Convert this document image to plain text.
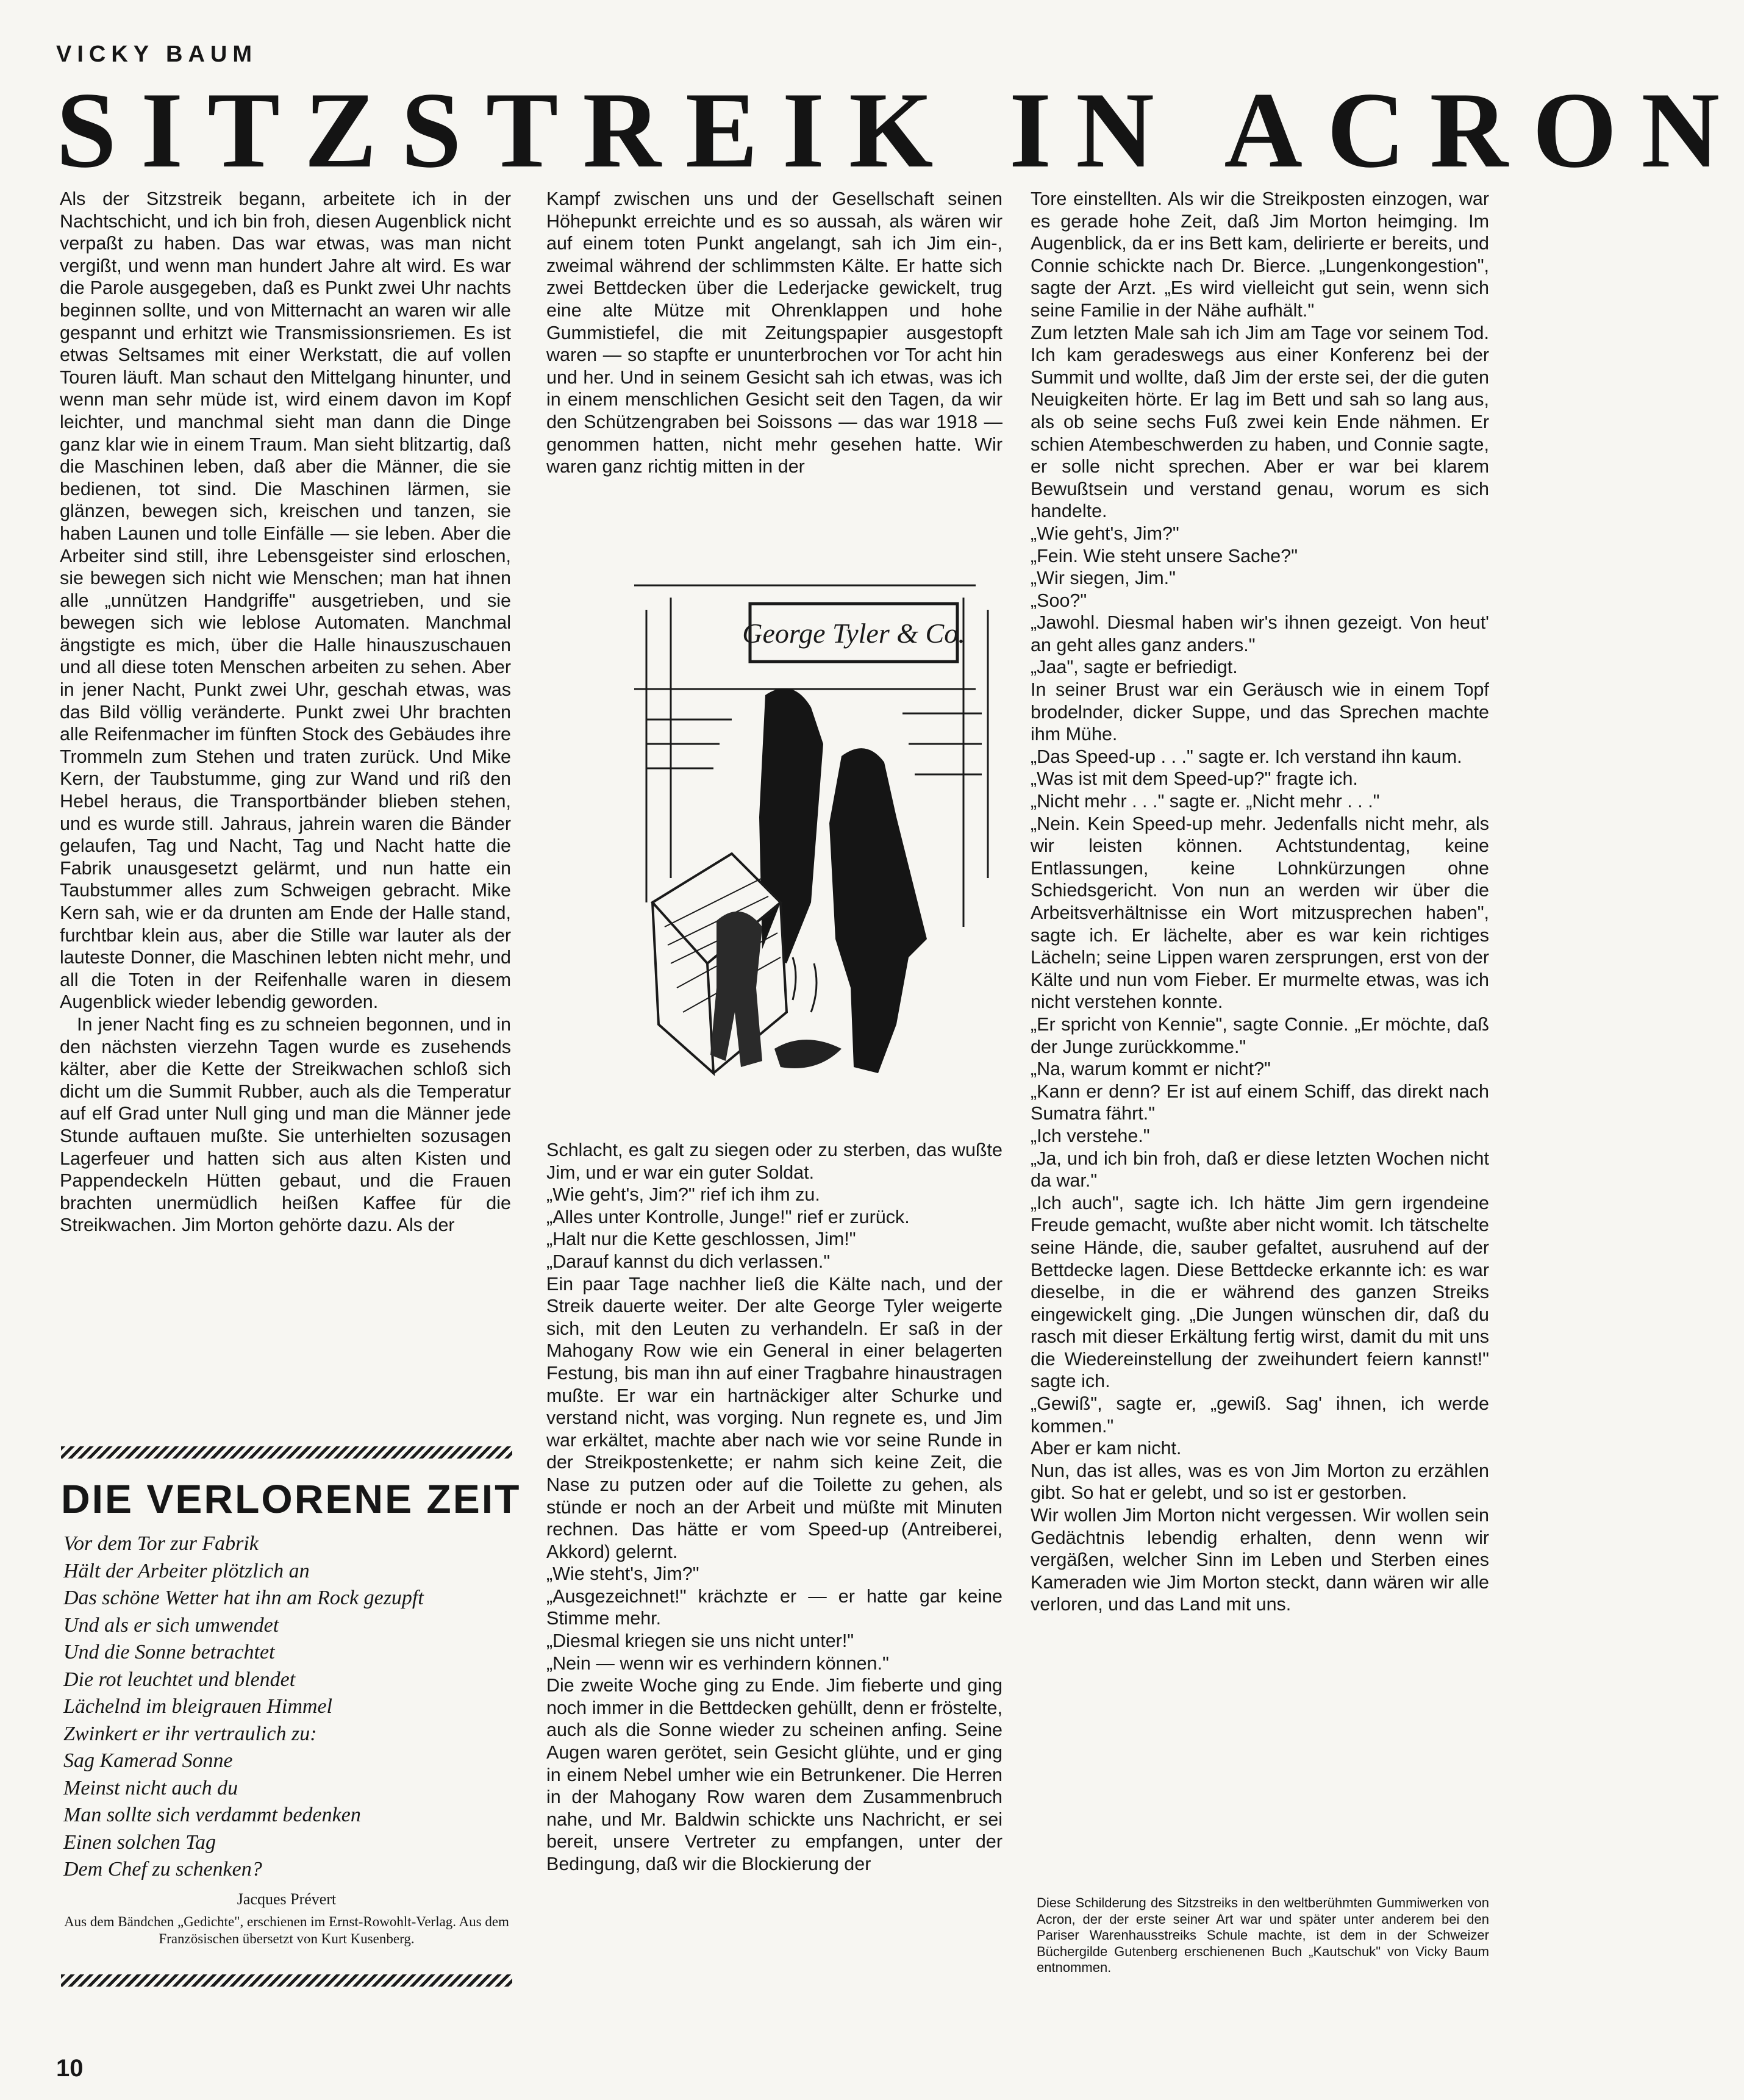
VICKY BAUM
SITZSTREIK IN ACRON

Als der Sitzstreik begann, arbeitete ich in der Nachtschicht, und ich bin froh, diesen Augenblick nicht verpaßt zu haben. Das war etwas, was man nicht vergißt, und wenn man hundert Jahre alt wird. Es war die Parole ausgegeben, daß es Punkt zwei Uhr nachts beginnen sollte, und von Mitternacht an waren wir alle gespannt und erhitzt wie Transmissionsriemen. Es ist etwas Seltsames mit einer Werkstatt, die auf vollen Touren läuft. Man schaut den Mittelgang hinunter, und wenn man sehr müde ist, wird einem davon im Kopf leichter, und manchmal sieht man dann die Dinge ganz klar wie in einem Traum. Man sieht blitzartig, daß die Maschinen leben, daß aber die Männer, die sie bedienen, tot sind. Die Maschinen lärmen, sie glänzen, bewegen sich, kreischen und tanzen, sie haben Launen und tolle Einfälle — sie leben. Aber die Arbeiter sind still, ihre Lebensgeister sind erloschen, sie bewegen sich nicht wie Menschen; man hat ihnen alle „unnützen Handgriffe" ausgetrieben, und sie bewegen sich wie leblose Automaten. Manchmal ängstigte es mich, über die Halle hinauszuschauen und all diese toten Menschen arbeiten zu sehen. Aber in jener Nacht, Punkt zwei Uhr, geschah etwas, was das Bild völlig veränderte. Punkt zwei Uhr brachten alle Reifenmacher im fünften Stock des Gebäudes ihre Trommeln zum Stehen und traten zurück. Und Mike Kern, der Taubstumme, ging zur Wand und riß den Hebel heraus, die Transportbänder blieben stehen, und es wurde still. Jahraus, jahrein waren die Bänder gelaufen, Tag und Nacht, Tag und Nacht hatte die Fabrik unausgesetzt gelärmt, und nun hatte ein Taubstummer alles zum Schweigen gebracht. Mike Kern sah, wie er da drunten am Ende der Halle stand, furchtbar klein aus, aber die Stille war lauter als der lauteste Donner, die Maschinen lebten nicht mehr, und all die Toten in der Reifenhalle waren in diesem Augenblick wieder lebendig geworden.

In jener Nacht fing es zu schneien begonnen, und in den nächsten vierzehn Tagen wurde es zusehends kälter, aber die Kette der Streikwachen schloß sich dicht um die Summit Rubber, auch als die Temperatur auf elf Grad unter Null ging und man die Männer jede Stunde auftauen mußte. Sie unterhielten sozusagen Lagerfeuer und hatten sich aus alten Kisten und Pappendeckeln Hütten gebaut, und die Frauen brachten unermüdlich heißen Kaffee für die Streikwachen. Jim Morton gehörte dazu. Als der

Kampf zwischen uns und der Gesellschaft seinen Höhepunkt erreichte und es so aussah, als wären wir auf einem toten Punkt angelangt, sah ich Jim ein-, zweimal während der schlimmsten Kälte. Er hatte sich zwei Bettdecken über die Lederjacke gewickelt, trug eine alte Mütze mit Ohrenklappen und hohe Gummistiefel, die mit Zeitungspapier ausgestopft waren — so stapfte er ununterbrochen vor Tor acht hin und her. Und in seinem Gesicht sah ich etwas, was ich in einem menschlichen Gesicht seit den Tagen, da wir den Schützengraben bei Soissons — das war 1918 — genommen hatten, nicht mehr gesehen hatte. Wir waren ganz richtig mitten in der

George Tyler & Co.

Schlacht, es galt zu siegen oder zu sterben, das wußte Jim, und er war ein guter Soldat.

„Wie geht's, Jim?" rief ich ihm zu.

„Alles unter Kontrolle, Junge!" rief er zurück.

„Halt nur die Kette geschlossen, Jim!"

„Darauf kannst du dich verlassen."

Ein paar Tage nachher ließ die Kälte nach, und der Streik dauerte weiter. Der alte George Tyler weigerte sich, mit den Leuten zu verhandeln. Er saß in der Mahogany Row wie ein General in einer belagerten Festung, bis man ihn auf einer Tragbahre hinaustragen mußte. Er war ein hartnäckiger alter Schurke und verstand nicht, was vorging. Nun regnete es, und Jim war erkältet, machte aber nach wie vor seine Runde in der Streikpostenkette; er nahm sich keine Zeit, die Nase zu putzen oder auf die Toilette zu gehen, als stünde er noch an der Arbeit und müßte mit Minuten rechnen. Das hätte er vom Speed-up (Antreiberei, Akkord) gelernt.

„Wie steht's, Jim?"

„Ausgezeichnet!" krächzte er — er hatte gar keine Stimme mehr.

„Diesmal kriegen sie uns nicht unter!"

„Nein — wenn wir es verhindern können."

Die zweite Woche ging zu Ende. Jim fieberte und ging noch immer in die Bettdecken gehüllt, denn er fröstelte, auch als die Sonne wieder zu scheinen anfing. Seine Augen waren gerötet, sein Gesicht glühte, und er ging in einem Nebel umher wie ein Betrunkener. Die Herren in der Mahogany Row waren dem Zusammenbruch nahe, und Mr. Baldwin schickte uns Nachricht, er sei bereit, unsere Vertreter zu empfangen, unter der Bedingung, daß wir die Blockierung der

Tore einstellten. Als wir die Streikposten einzogen, war es gerade hohe Zeit, daß Jim Morton heimging. Im Augenblick, da er ins Bett kam, delirierte er bereits, und Connie schickte nach Dr. Bierce. „Lungenkongestion", sagte der Arzt. „Es wird vielleicht gut sein, wenn sich seine Familie in der Nähe aufhält."

Zum letzten Male sah ich Jim am Tage vor seinem Tod. Ich kam geradeswegs aus einer Konferenz bei der Summit und wollte, daß Jim der erste sei, der die guten Neuigkeiten hörte. Er lag im Bett und sah so lang aus, als ob seine sechs Fuß zwei kein Ende nähmen. Er schien Atembeschwerden zu haben, und Connie sagte, er solle nicht sprechen. Aber er war bei klarem Bewußtsein und verstand genau, worum es sich handelte.

„Wie geht's, Jim?"

„Fein. Wie steht unsere Sache?"

„Wir siegen, Jim."

„Soo?"

„Jawohl. Diesmal haben wir's ihnen gezeigt. Von heut' an geht alles ganz anders."

„Jaa", sagte er befriedigt.

In seiner Brust war ein Geräusch wie in einem Topf brodelnder, dicker Suppe, und das Sprechen machte ihm Mühe.

„Das Speed-up . . ." sagte er. Ich verstand ihn kaum.

„Was ist mit dem Speed-up?" fragte ich.

„Nicht mehr . . ." sagte er. „Nicht mehr . . ."

„Nein. Kein Speed-up mehr. Jedenfalls nicht mehr, als wir leisten können. Achtstundentag, keine Entlassungen, keine Lohnkürzungen ohne Schiedsgericht. Von nun an werden wir über die Arbeitsverhältnisse ein Wort mitzusprechen haben", sagte ich. Er lächelte, aber es war kein richtiges Lächeln; seine Lippen waren zersprungen, erst von der Kälte und nun vom Fieber. Er murmelte etwas, was ich nicht verstehen konnte.

„Er spricht von Kennie", sagte Connie. „Er möchte, daß der Junge zurückkomme."

„Na, warum kommt er nicht?"

„Kann er denn? Er ist auf einem Schiff, das direkt nach Sumatra fährt."

„Ich verstehe."

„Ja, und ich bin froh, daß er diese letzten Wochen nicht da war."

„Ich auch", sagte ich. Ich hätte Jim gern irgendeine Freude gemacht, wußte aber nicht womit. Ich tätschelte seine Hände, die, sauber gefaltet, ausruhend auf der Bettdecke lagen. Diese Bettdecke erkannte ich: es war dieselbe, in die er während des ganzen Streiks eingewickelt ging. „Die Jungen wünschen dir, daß du rasch mit dieser Erkältung fertig wirst, damit du mit uns die Wiedereinstellung der zweihundert feiern kannst!" sagte ich.

„Gewiß", sagte er, „gewiß. Sag' ihnen, ich werde kommen."

Aber er kam nicht.

Nun, das ist alles, was es von Jim Morton zu erzählen gibt. So hat er gelebt, und so ist er gestorben.

Wir wollen Jim Morton nicht vergessen. Wir wollen sein Gedächtnis lebendig erhalten, denn wenn wir vergäßen, welcher Sinn im Leben und Sterben eines Kameraden wie Jim Morton steckt, dann wären wir alle verloren, und das Land mit uns.

Diese Schilderung des Sitzstreiks in den weltberühmten Gummiwerken von Acron, der der erste seiner Art war und später unter anderem bei den Pariser Warenhausstreiks Schule machte, ist dem in der Schweizer Büchergilde Gutenberg erschienenen Buch „Kautschuk" von Vicky Baum entnommen.
DIE VERLORENE ZEIT
Vor dem Tor zur Fabrik
Hält der Arbeiter plötzlich an
Das schöne Wetter hat ihn am Rock gezupft
Und als er sich umwendet
Und die Sonne betrachtet
Die rot leuchtet und blendet
Lächelnd im bleigrauen Himmel
Zwinkert er ihr vertraulich zu:
Sag Kamerad Sonne
Meinst nicht auch du
Man sollte sich verdammt bedenken
Einen solchen Tag
Dem Chef zu schenken?
Jacques Prévert
Aus dem Bändchen „Gedichte", erschienen im Ernst-Rowohlt-Verlag. Aus dem Französischen übersetzt von Kurt Kusenberg.
10
